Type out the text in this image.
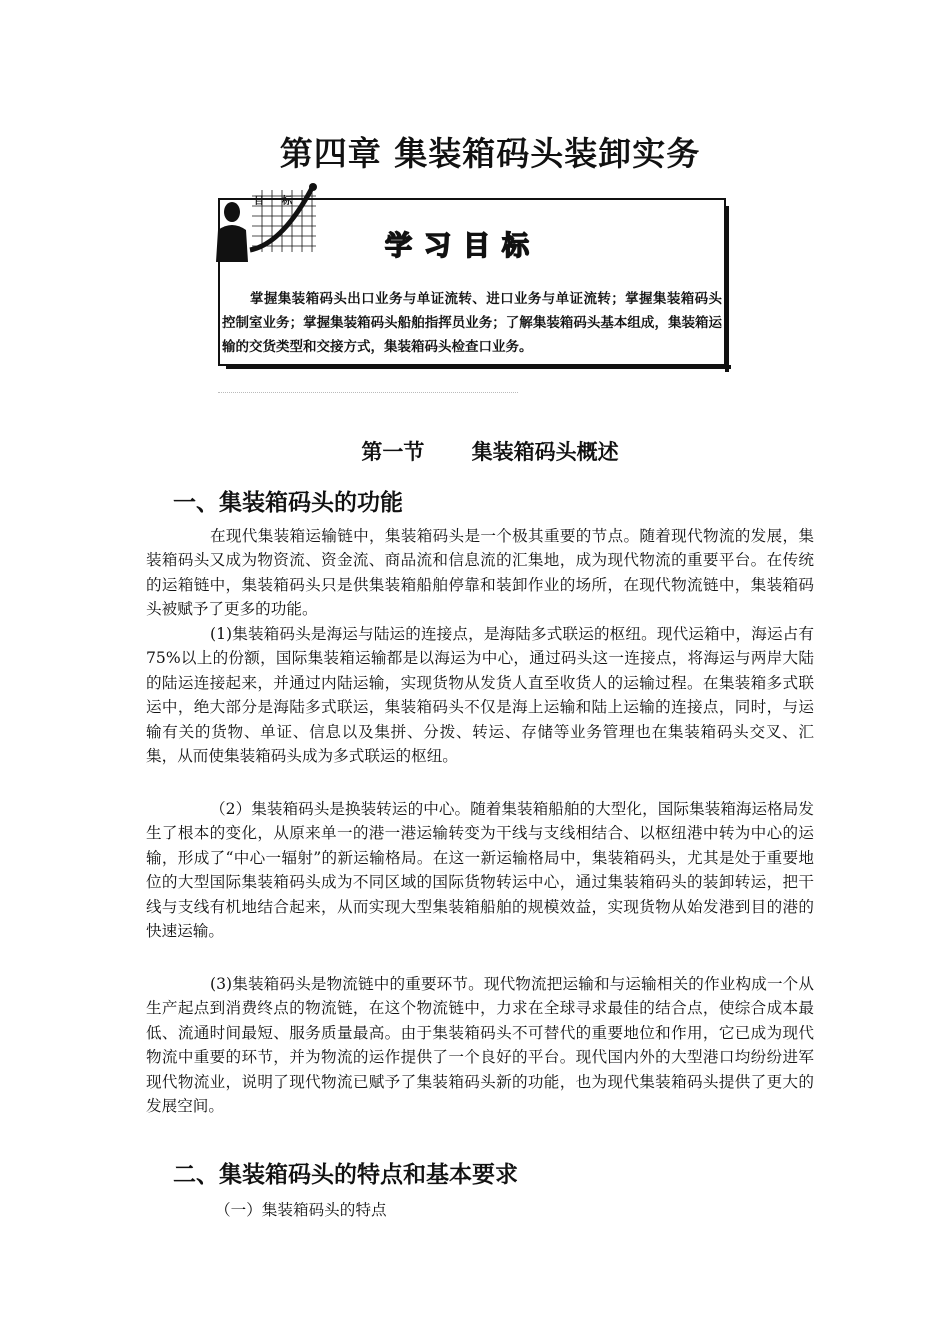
第四章 集装箱码头装卸实务
目 标
学习目标
掌握集装箱码头出口业务与单证流转、进口业务与单证流转；掌握集装箱码头控制室业务；掌握集装箱码头船舶指挥员业务；了解集装箱码头基本组成，集装箱运输的交货类型和交接方式，集装箱码头检查口业务。
第一节 集装箱码头概述
一、集装箱码头的功能
在现代集装箱运输链中，集装箱码头是一个极其重要的节点。随着现代物流的发展，集装箱码头又成为物资流、资金流、商品流和信息流的汇集地，成为现代物流的重要平台。在传统的运箱链中，集装箱码头只是供集装箱船舶停靠和装卸作业的场所，在现代物流链中，集装箱码头被赋予了更多的功能。
(1)集装箱码头是海运与陆运的连接点，是海陆多式联运的枢纽。现代运箱中，海运占有 75%以上的份额，国际集装箱运输都是以海运为中心，通过码头这一连接点，将海运与两岸大陆的陆运连接起来，并通过内陆运输，实现货物从发货人直至收货人的运输过程。在集装箱多式联运中，绝大部分是海陆多式联运，集装箱码头不仅是海上运输和陆上运输的连接点，同时，与运输有关的货物、单证、信息以及集拼、分拨、转运、存储等业务管理也在集装箱码头交叉、汇集，从而使集装箱码头成为多式联运的枢纽。
（2）集装箱码头是换装转运的中心。随着集装箱船舶的大型化，国际集装箱海运格局发生了根本的变化，从原来单一的港一港运输转变为干线与支线相结合、以枢纽港中转为中心的运输，形成了“中心一辐射”的新运输格局。在这一新运输格局中，集装箱码头，尤其是处于重要地位的大型国际集装箱码头成为不同区域的国际货物转运中心，通过集装箱码头的装卸转运，把干线与支线有机地结合起来，从而实现大型集装箱船舶的规模效益，实现货物从始发港到目的港的快速运输。
(3)集装箱码头是物流链中的重要环节。现代物流把运输和与运输相关的作业构成一个从生产起点到消费终点的物流链，在这个物流链中，力求在全球寻求最佳的结合点，使综合成本最低、流通时间最短、服务质量最高。由于集装箱码头不可替代的重要地位和作用，它已成为现代物流中重要的环节，并为物流的运作提供了一个良好的平台。现代国内外的大型港口均纷纷进军现代物流业，说明了现代物流已赋予了集装箱码头新的功能，也为现代集装箱码头提供了更大的发展空间。
二、集装箱码头的特点和基本要求
（一）集装箱码头的特点
